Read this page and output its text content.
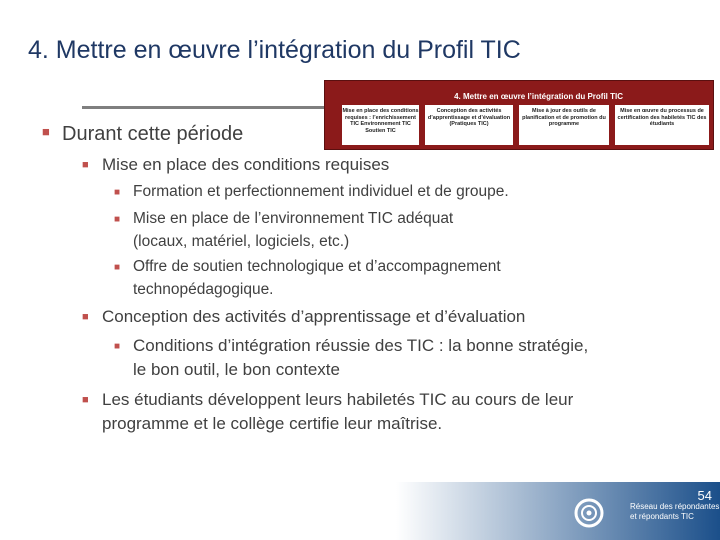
4. Mettre en œuvre l’intégration du Profil TIC
4. Mettre en œuvre l’intégration du Profil TIC
Mise en place des conditions requises : l’enrichissement TIC Environnement TIC Soutien TIC
Conception des activités d’apprentissage et d’évaluation (Pratiques TIC)
Mise à jour des outils de planification et de promotion du programme
Mise en œuvre du processus de certification des habiletés TIC des étudiants
■ Durant cette période
■ Mise en place des conditions requises
■ Formation et perfectionnement individuel et de groupe.
■ Mise en place de l’environnement TIC adéquat
(locaux, matériel, logiciels, etc.)
■ Offre de soutien technologique et d’accompagnement
technopédagogique.
■ Conception des activités d’apprentissage et d’évaluation
■ Conditions d’intégration réussie des TIC : la bonne stratégie,
le bon outil, le bon contexte
■ Les étudiants développent leurs habiletés TIC au cours de leur
programme et le collège certifie leur maîtrise.
54
Réseau des répondantes
et répondants TIC
